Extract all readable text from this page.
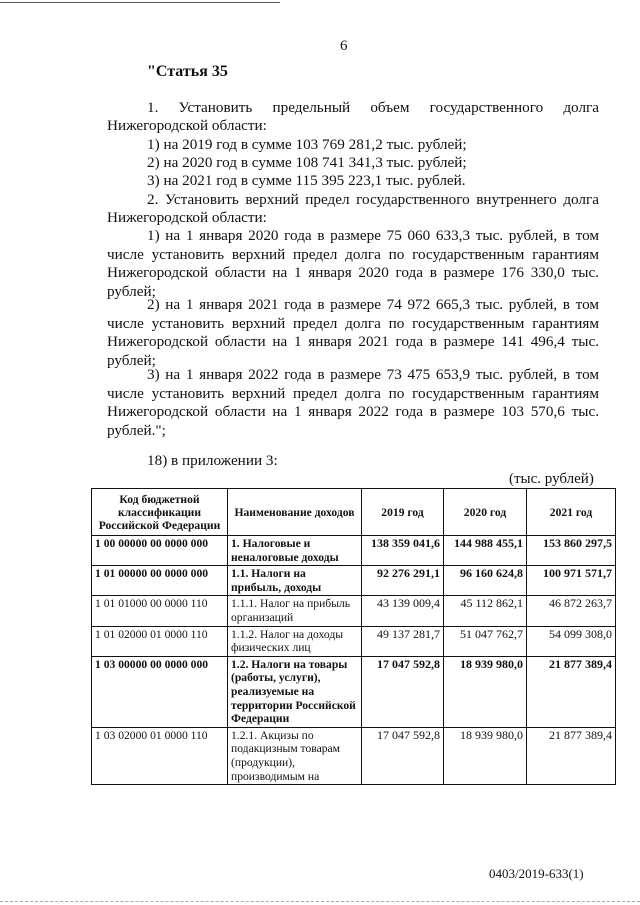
6
"Статья 35
1. Установить предельный объем государственного долга
Нижегородской области:
1) на 2019 год в сумме 103 769 281,2 тыс. рублей;
2) на 2020 год в сумме 108 741 341,3 тыс. рублей;
3) на 2021 год в сумме 115 395 223,1 тыс. рублей.
2. Установить верхний предел государственного внутреннего долга
Нижегородской области:
1) на 1 января 2020 года в размере 75 060 633,3 тыс. рублей, в том числе установить верхний предел долга по государственным гарантиям Нижегородской области на 1 января 2020 года в размере 176 330,0 тыс. рублей;
2) на 1 января 2021 года в размере 74 972 665,3 тыс. рублей, в том числе установить верхний предел долга по государственным гарантиям Нижегородской области на 1 января 2021 года в размере 141 496,4 тыс. рублей;
3) на 1 января 2022 года в размере 73 475 653,9 тыс. рублей, в том числе установить верхний предел долга по государственным гарантиям Нижегородской области на 1 января 2022 года в размере 103 570,6 тыс. рублей.";
18) в приложении 3:
(тыс. рублей)
Код бюджетной классификации Российской Федерации	Наименование доходов	2019 год	2020 год	2021 год
1 00 00000 00 0000 000	1. Налоговые и неналоговые доходы	138 359 041,6	144 988 455,1	153 860 297,5
1 01 00000 00 0000 000	1.1. Налоги на прибыль, доходы	92 276 291,1	96 160 624,8	100 971 571,7
1 01 01000 00 0000 110	1.1.1. Налог на прибыль организаций	43 139 009,4	45 112 862,1	46 872 263,7
1 01 02000 01 0000 110	1.1.2. Налог на доходы физических лиц	49 137 281,7	51 047 762,7	54 099 308,0
1 03 00000 00 0000 000	1.2. Налоги на товары (работы, услуги), реализуемые на территории Российской Федерации	17 047 592,8	18 939 980,0	21 877 389,4
1 03 02000 01 0000 110	1.2.1. Акцизы по подакцизным товарам (продукции), производимым на	17 047 592,8	18 939 980,0	21 877 389,4
0403/2019-633(1)
